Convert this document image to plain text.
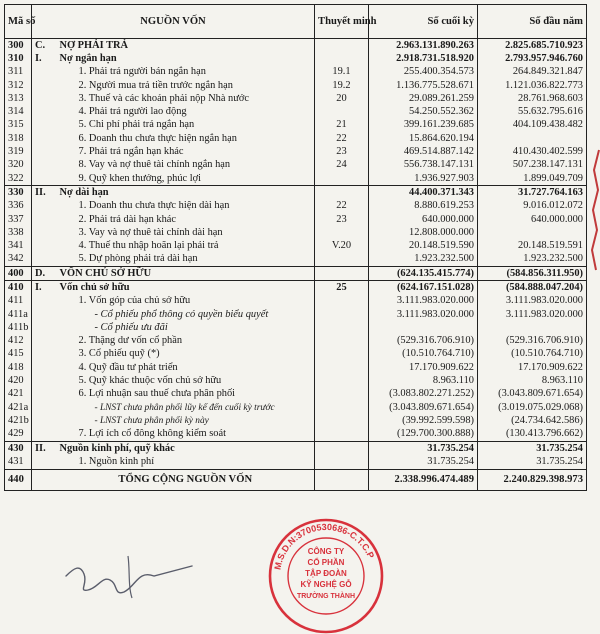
Mã số	NGUỒN VỐN		Thuyết minh	Số cuối kỳ	Số đầu năm
300	C.	NỢ PHẢI TRẢ		2.963.131.890.263	2.825.685.710.923
310	I.	Nợ ngắn hạn		2.918.731.518.920	2.793.957.946.760
311		1. Phải trả người bán ngắn hạn	19.1	255.400.354.573	264.849.321.847
312		2. Người mua trả tiền trước ngắn hạn	19.2	1.136.775.528.671	1.121.036.822.773
313		3. Thuế và các khoản phải nộp Nhà nước	20	29.089.261.259	28.761.968.603
314		4. Phải trả người lao động		54.250.552.362	55.632.795.616
315		5. Chi phí phải trả ngắn hạn	21	399.161.239.685	404.109.438.482
318		6. Doanh thu chưa thực hiện ngắn hạn	22	15.864.620.194	
319		7. Phải trả ngắn hạn khác	23	469.514.887.142	410.430.402.599
320		8. Vay và nợ thuê tài chính ngắn hạn	24	556.738.147.131	507.238.147.131
322		9. Quỹ khen thưởng, phúc lợi		1.936.927.903	1.899.049.709
330	II.	Nợ dài hạn		44.400.371.343	31.727.764.163
336		1. Doanh thu chưa thực hiện dài hạn	22	8.880.619.253	9.016.012.072
337		2. Phải trả dài hạn khác	23	640.000.000	640.000.000
338		3. Vay và nợ thuê tài chính dài hạn		12.808.000.000	
341		4. Thuế thu nhập hoãn lại phải trả	V.20	20.148.519.590	20.148.519.591
342		5. Dự phòng phải trả dài hạn		1.923.232.500	1.923.232.500
400	D.	VỐN CHỦ SỞ HỮU		(624.135.415.774)	(584.856.311.950)
410	I.	Vốn chủ sở hữu	25	(624.167.151.028)	(584.888.047.204)
411		1. Vốn góp của chủ sở hữu		3.111.983.020.000	3.111.983.020.000
411a		- Cổ phiếu phổ thông có quyền biểu quyết		3.111.983.020.000	3.111.983.020.000
411b		- Cổ phiếu ưu đãi			
412		2. Thặng dư vốn cổ phần		(529.316.706.910)	(529.316.706.910)
415		3. Cổ phiếu quỹ (*)		(10.510.764.710)	(10.510.764.710)
418		4. Quỹ đầu tư phát triển		17.170.909.622	17.170.909.622
420		5. Quỹ khác thuộc vốn chủ sở hữu		8.963.110	8.963.110
421		6. Lợi nhuận sau thuế chưa phân phối		(3.083.802.271.252)	(3.043.809.671.654)
421a		- LNST chưa phân phối lũy kế đến cuối kỳ trước		(3.043.809.671.654)	(3.019.075.029.068)
421b		- LNST chưa phân phối kỳ này		(39.992.599.598)	(24.734.642.586)
429		7. Lợi ích cổ đông không kiểm soát		(129.700.300.888)	(130.413.796.662)
430	II.	Nguồn kinh phí, quỹ khác		31.735.254	31.735.254
431		1. Nguồn kinh phí		31.735.254	31.735.254
440		TỔNG CỘNG NGUỒN VỐN		2.338.996.474.489	2.240.829.398.973
M.S.D.N:3700530686-C.T.C.P
CÔNG TY
CỔ PHẦN
TẬP ĐOÀN
KỸ NGHỆ GỖ
TRƯỜNG THÀNH
